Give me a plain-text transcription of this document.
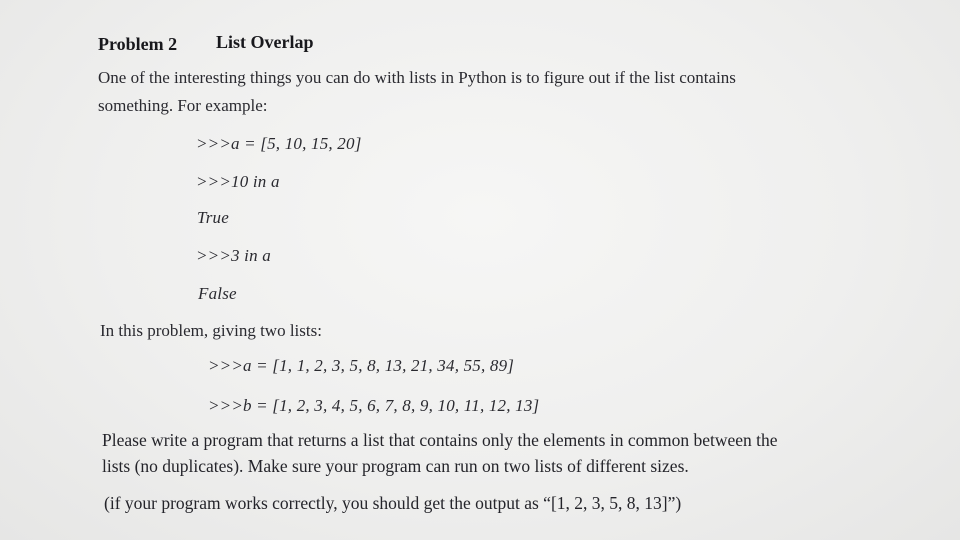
Problem 2 List Overlap
One of the interesting things you can do with lists in Python is to figure out if the list contains
something. For example:
>>>a = [5, 10, 15, 20]
>>>10 in a
True
>>>3 in a
False
In this problem, giving two lists:
>>>a = [1, 1, 2, 3, 5, 8, 13, 21, 34, 55, 89]
>>>b = [1, 2, 3, 4, 5, 6, 7, 8, 9, 10, 11, 12, 13]
Please write a program that returns a list that contains only the elements in common between the
lists (no duplicates). Make sure your program can run on two lists of different sizes.
(if your program works correctly, you should get the output as “[1, 2, 3, 5, 8, 13]”)
